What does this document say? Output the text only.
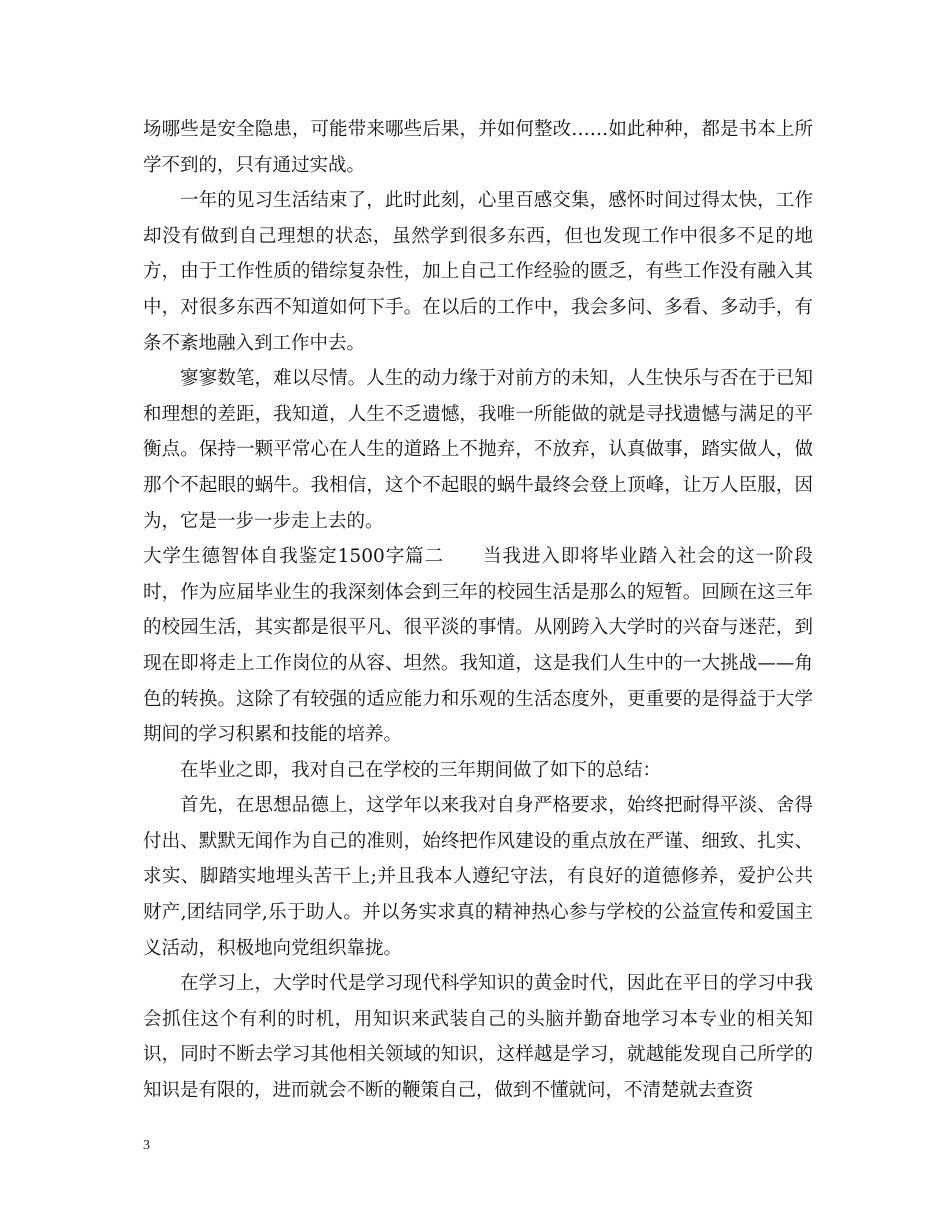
场哪些是安全隐患，可能带来哪些后果，并如何整改……如此种种，都是书本上所学不到的，只有通过实战。

一年的见习生活结束了，此时此刻，心里百感交集，感怀时间过得太快，工作却没有做到自己理想的状态，虽然学到很多东西，但也发现工作中很多不足的地方，由于工作性质的错综复杂性，加上自己工作经验的匮乏，有些工作没有融入其中，对很多东西不知道如何下手。在以后的工作中，我会多问、多看、多动手，有条不紊地融入到工作中去。

寥寥数笔，难以尽情。人生的动力缘于对前方的未知，人生快乐与否在于已知和理想的差距，我知道，人生不乏遗憾，我唯一所能做的就是寻找遗憾与满足的平衡点。保持一颗平常心在人生的道路上不抛弃，不放弃，认真做事，踏实做人，做那个不起眼的蜗牛。我相信，这个不起眼的蜗牛最终会登上顶峰，让万人臣服，因为，它是一步一步走上去的。

大学生德智体自我鉴定1500字篇二　　当我进入即将毕业踏入社会的这一阶段时，作为应届毕业生的我深刻体会到三年的校园生活是那么的短暂。回顾在这三年的校园生活，其实都是很平凡、很平淡的事情。从刚跨入大学时的兴奋与迷茫，到现在即将走上工作岗位的从容、坦然。我知道，这是我们人生中的一大挑战——角色的转换。这除了有较强的适应能力和乐观的生活态度外，更重要的是得益于大学期间的学习积累和技能的培养。

在毕业之即，我对自己在学校的三年期间做了如下的总结：

首先，在思想品德上，这学年以来我对自身严格要求，始终把耐得平淡、舍得付出、默默无闻作为自己的准则，始终把作风建设的重点放在严谨、细致、扎实、求实、脚踏实地埋头苦干上;并且我本人遵纪守法，有良好的道德修养，爱护公共财产,团结同学,乐于助人。并以务实求真的精神热心参与学校的公益宣传和爱国主义活动，积极地向党组织靠拢。

在学习上，大学时代是学习现代科学知识的黄金时代，因此在平日的学习中我会抓住这个有利的时机，用知识来武装自己的头脑并勤奋地学习本专业的相关知识，同时不断去学习其他相关领域的知识，这样越是学习，就越能发现自己所学的知识是有限的，进而就会不断的鞭策自己，做到不懂就问，不清楚就去查资

3
